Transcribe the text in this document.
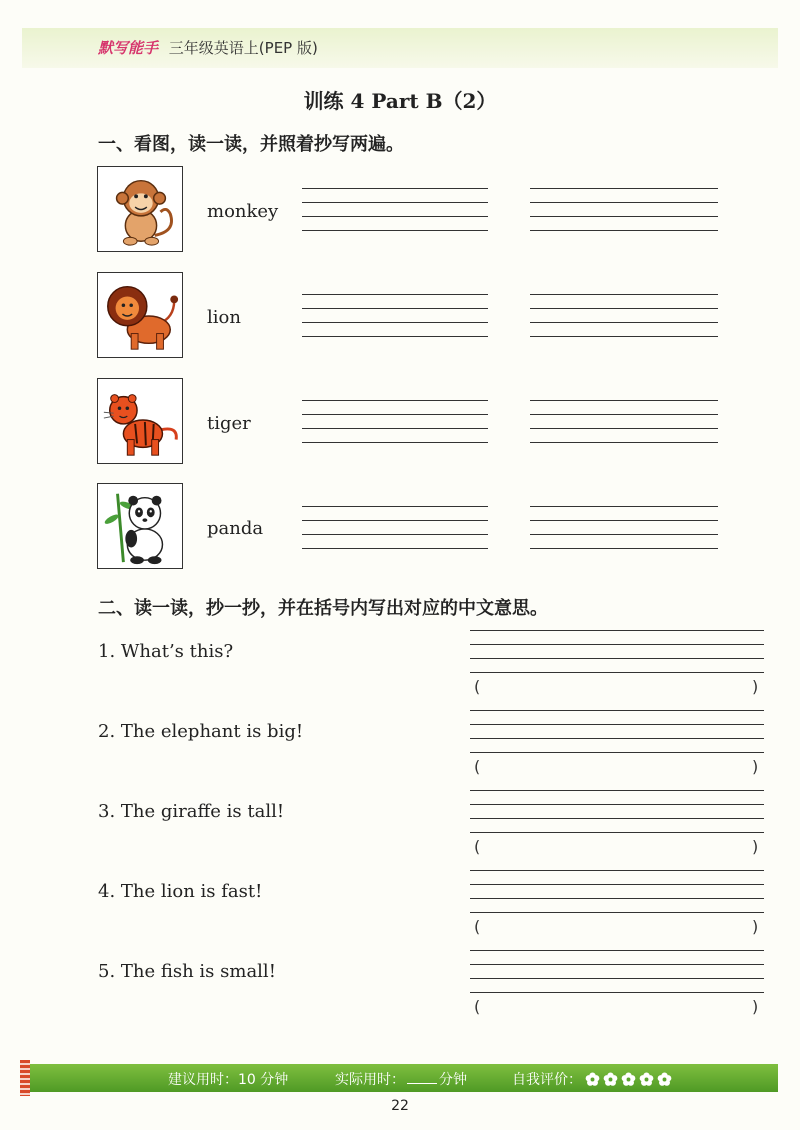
默写能手 三年级英语上(PEP 版)
训练 4 Part B（2）
一、看图，读一读，并照着抄写两遍。
monkey
lion
tiger
panda
二、读一读，抄一抄，并在括号内写出对应的中文意思。
1. What’s this?
2. The elephant is big!
3. The giraffe is tall!
4. The lion is fast!
5. The fish is small!
(	)
(	)
(	)
(	)
(	)
建议用时：10 分钟	实际用时： 分钟	自我评价：
22
